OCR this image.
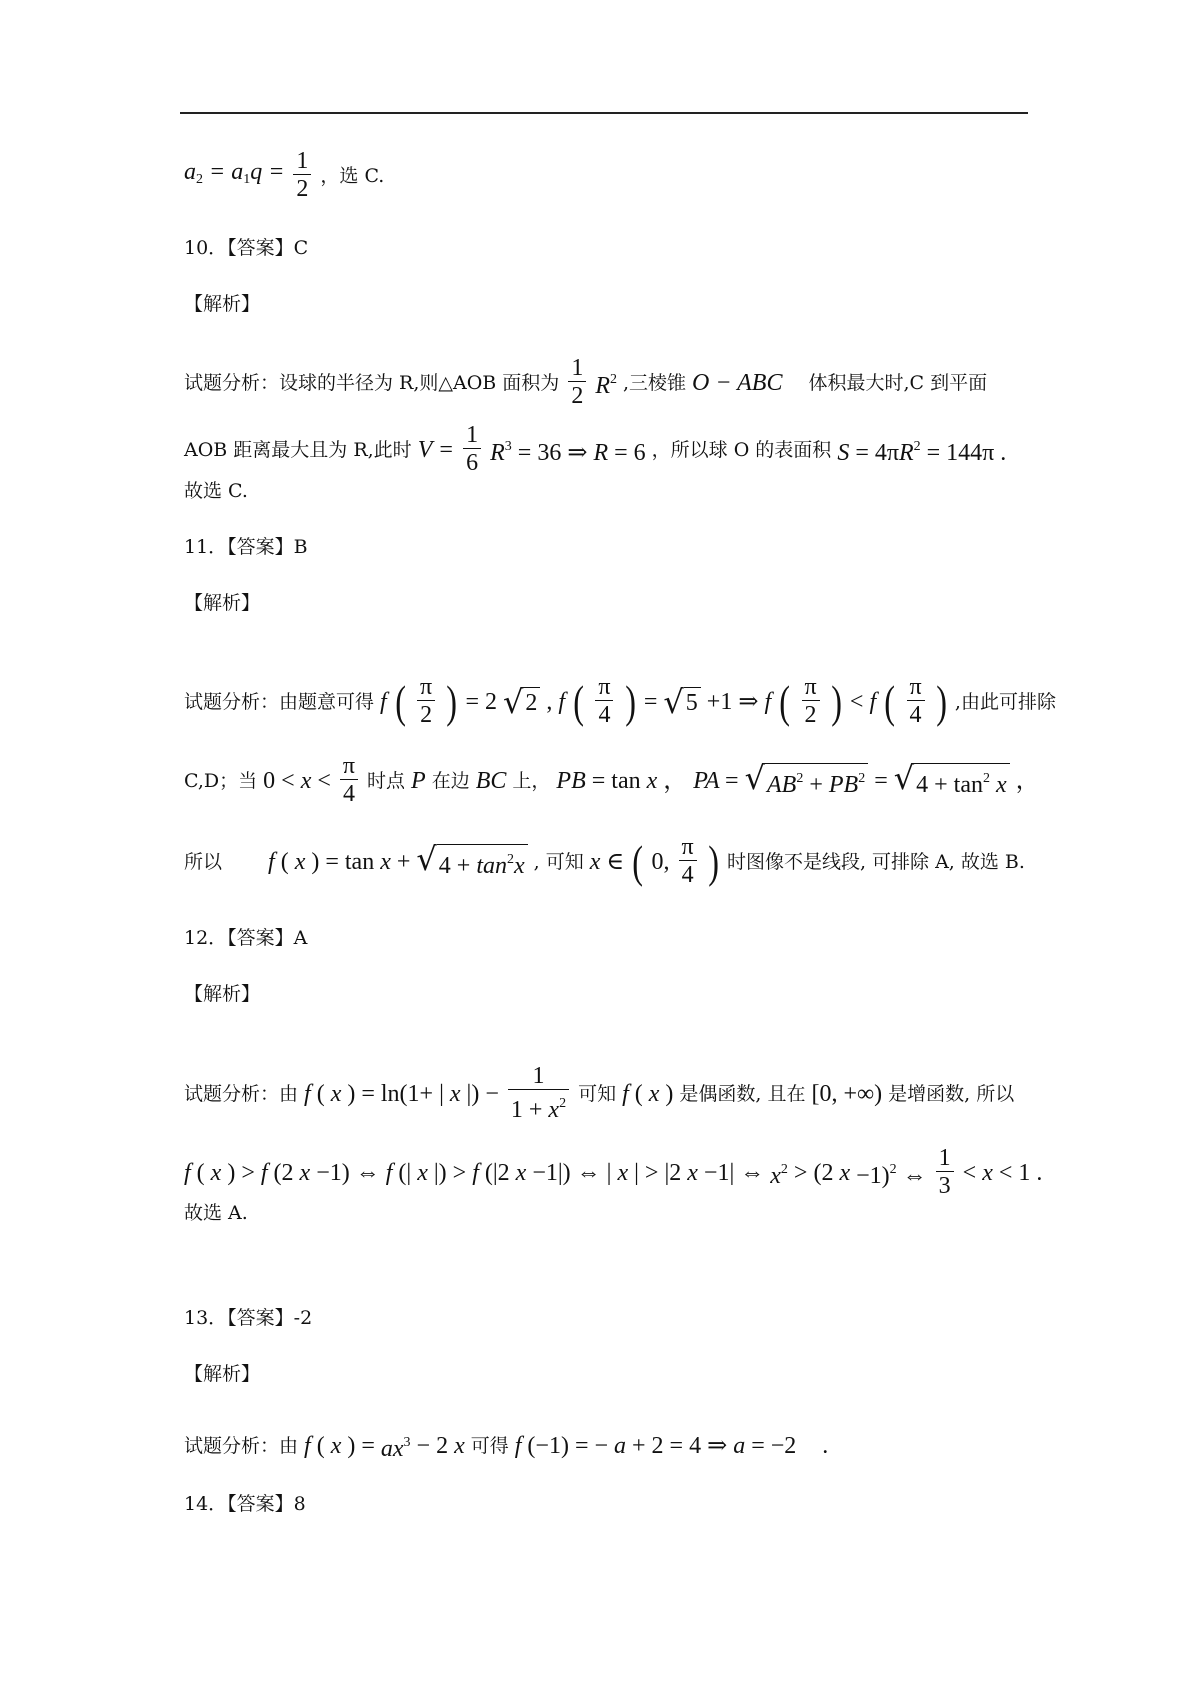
$a_2 = a_1q = \frac{1}{2}$ ，选 C.
10．【答案】C
【解析】
试题分析：设球的半径为 R,则△AOB 面积为 $\frac{1}{2} R^2$ ,三棱锥 O − ABC 体积最大时,C 到平面
AOB 距离最大且为 R,此时 $V = \frac{1}{6} R^3 = 36$ ⇒ R = 6 ，所以球 O 的表面积 $S = 4\pi R^2 = 144\pi$ .
故选 C.
11．【答案】B
【解析】
试题分析：由题意可得 f ( $\frac{\pi}{2}$ ) = 2 √ 2 , f ( $\frac{\pi}{4}$ ) = √ 5 +1 ⇒ f ( $\frac{\pi}{2}$ ) < f ( $\frac{\pi}{4}$ ) ,由此可排除
C,D；当 $0 < x < \frac{\pi}{4}$ 时点 P 在边 BC 上， PB = tan x ， PA = √ $AB^2 + PB^2$ = √ $4 + \tan^2 x$ ，
所以 f ( x ) = tan x + √ $4 + \tan^2x$ , 可知 x ∈ ( 0, $\frac{\pi}{4}$ ) 时图像不是线段, 可排除 A, 故选 B.
12．【答案】A
【解析】
试题分析：由 f ( x ) = ln(1+ | x |) − $\frac{1}{1 + x^2}$ 可知 f ( x ) 是偶函数, 且在 [0, +∞) 是增函数, 所以
f ( x ) > f (2 x −1) ⇔ f (| x |) > f (|2 x −1|) ⇔ | x | > |2 x −1| ⇔ $x^2 > (2$ x −1)$^2$ ⇔ $\frac{1}{3} < x < 1$ .
故选 A.
13．【答案】-2
【解析】
试题分析：由 f ( x ) = $ax^3 - 2$ x 可得 f (−1) = − a + 2 = 4 ⇒ a = −2 .
14．【答案】8
